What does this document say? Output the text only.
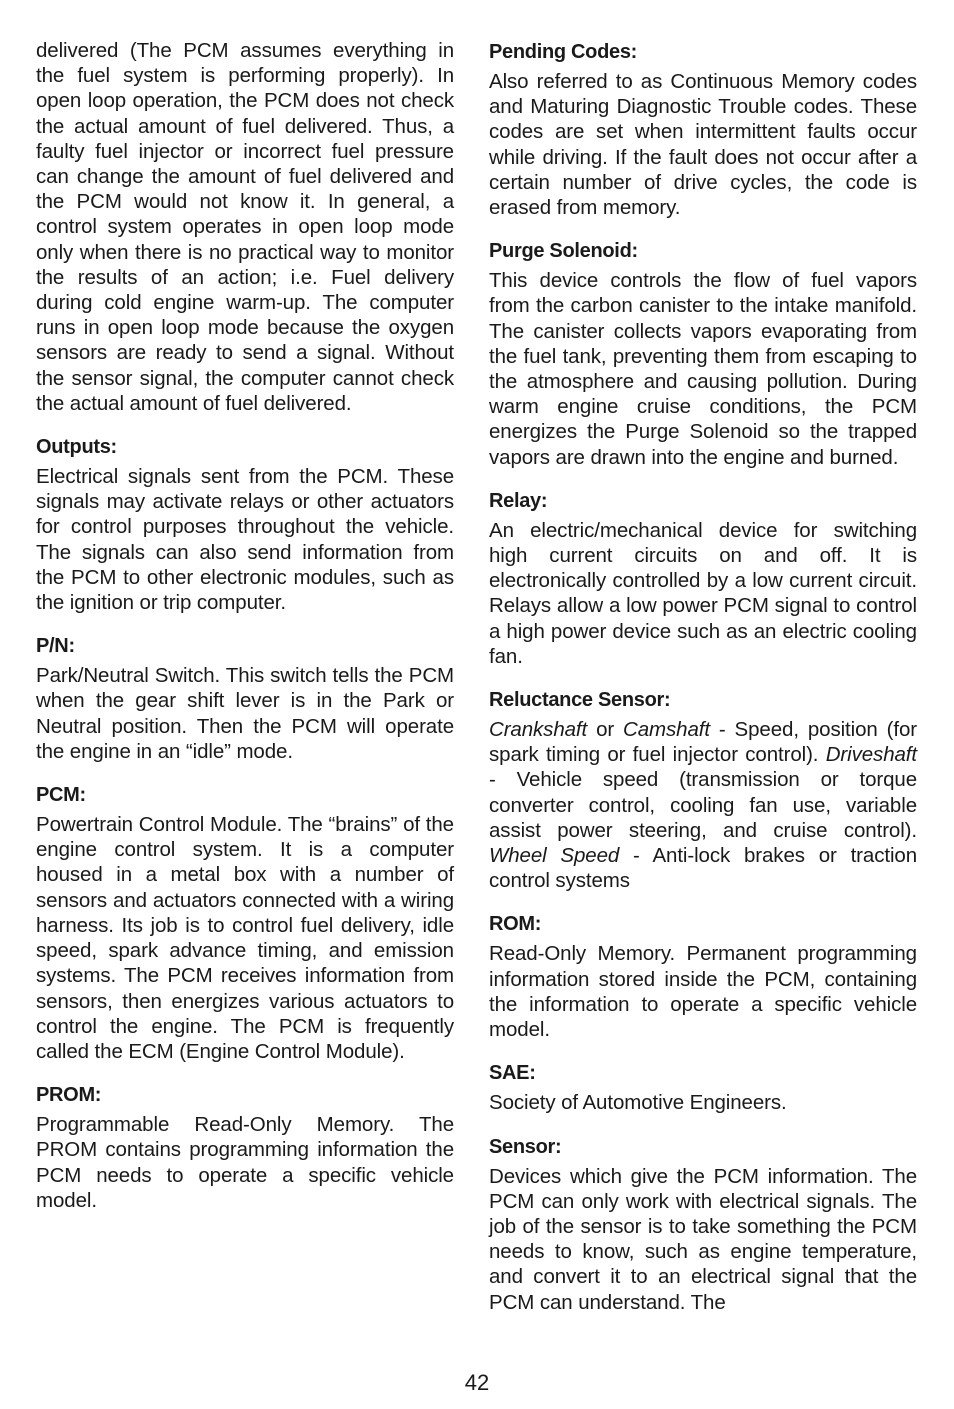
delivered (The PCM assumes everything in the fuel system is performing properly). In open loop operation, the PCM does not check the actual amount of fuel delivered. Thus, a faulty fuel injector or incorrect fuel pressure can change the amount of fuel delivered and the PCM would not know it. In general, a control system operates in open loop mode only when there is no practical way to monitor the results of an action; i.e. Fuel delivery during cold engine warm-up. The computer runs in open loop mode because the oxygen sensors are ready to send a signal. Without the sensor signal, the computer cannot check the actual amount of fuel delivered.

Outputs:
Electrical signals sent from the PCM. These signals may activate relays or other actuators for control purposes throughout the vehicle. The signals can also send information from the PCM to other electronic modules, such as the ignition or trip computer.
P/N:
Park/Neutral Switch. This switch tells the PCM when the gear shift lever is in the Park or Neutral position. Then the PCM will operate the engine in an “idle” mode.
PCM:
Powertrain Control Module. The “brains” of the engine control system. It is a computer housed in a metal box with a number of sensors and actuators connected with a wiring harness. Its job is to control fuel delivery, idle speed, spark advance timing, and emission systems. The PCM receives information from sensors, then energizes various actuators to control the engine. The PCM is frequently called the ECM (Engine Control Module).
PROM:
Programmable Read-Only Memory. The PROM contains programming information the PCM needs to operate a specific vehicle model.
Pending Codes:
Also referred to as Continuous Memory codes and Maturing Diagnostic Trouble codes. These codes are set when intermittent faults occur while driving. If the fault does not occur after a certain number of drive cycles, the code is erased from memory.
Purge Solenoid:
This device controls the flow of fuel vapors from the carbon canister to the intake manifold. The canister collects vapors evaporating from the fuel tank, preventing them from escaping to the atmosphere and causing pollution. During warm engine cruise conditions, the PCM energizes the Purge Solenoid so the trapped vapors are drawn into the engine and burned.
Relay:
An electric/mechanical device for switching high current circuits on and off. It is electronically controlled by a low current circuit. Relays allow a low power PCM signal to control a high power device such as an electric cooling fan.
Reluctance Sensor:
Crankshaft or Camshaft - Speed, position (for spark timing or fuel injector control). Driveshaft - Vehicle speed (transmission or torque converter control, cooling fan use, variable assist power steering, and cruise control). Wheel Speed - Anti-lock brakes or traction control systems
ROM:
Read-Only Memory. Permanent programming information stored inside the PCM, containing the information to operate a specific vehicle model.
SAE:
Society of Automotive Engineers.
Sensor:
Devices which give the PCM information. The PCM can only work with electrical signals. The job of the sensor is to take something the PCM needs to know, such as engine temperature, and convert it to an electrical signal that the PCM can understand. The
42
